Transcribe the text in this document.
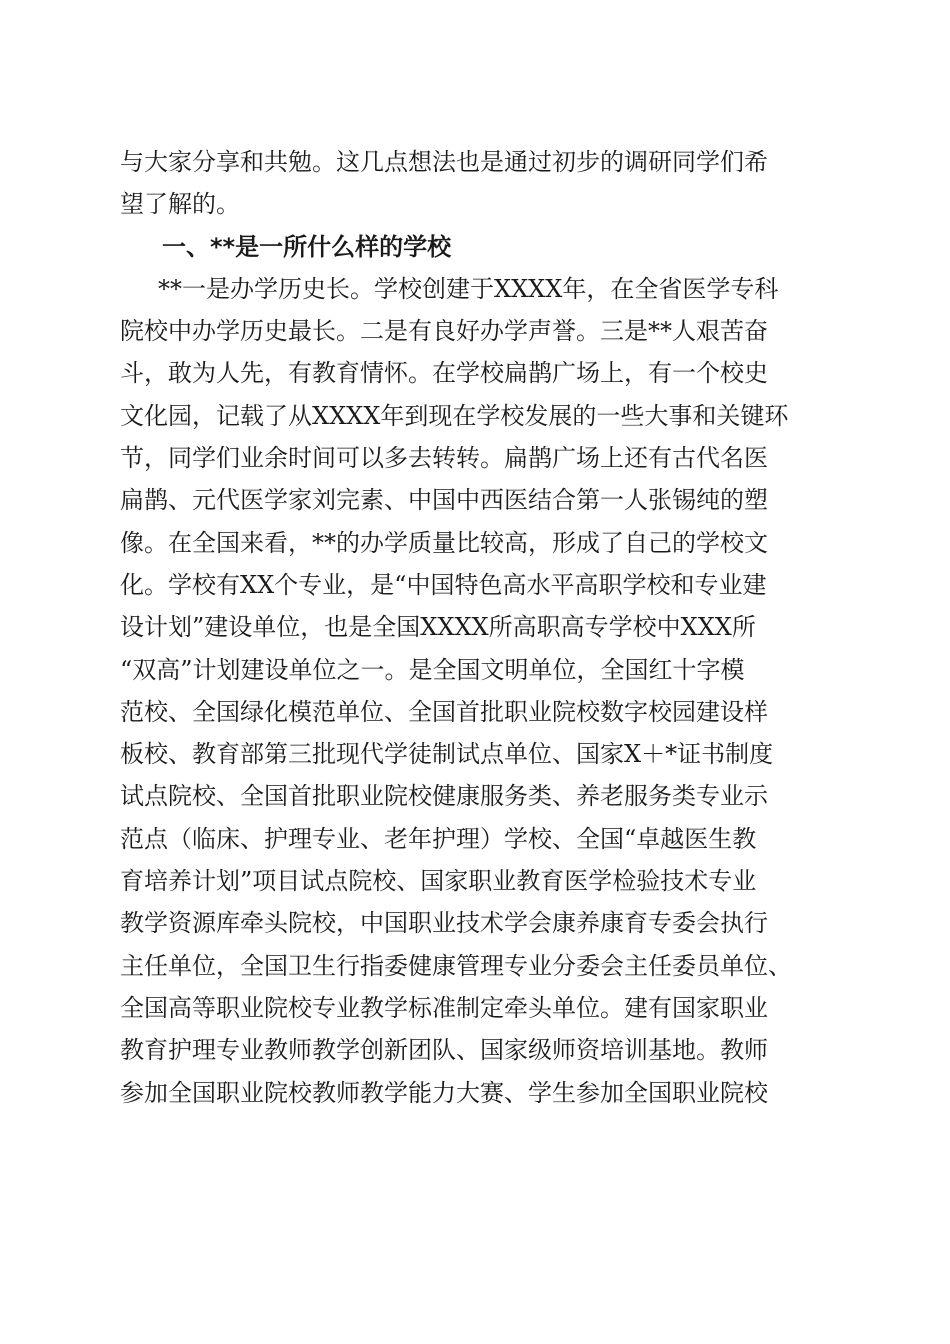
与大家分享和共勉。这几点想法也是通过初步的调研同学们希
望了解的。
一、**是一所什么样的学校
**一是办学历史长。学校创建于XXXX年，在全省医学专科
院校中办学历史最长。二是有良好办学声誉。三是**人艰苦奋
斗，敢为人先，有教育情怀。在学校扁鹊广场上，有一个校史
文化园，记载了从XXXX年到现在学校发展的一些大事和关键环
节，同学们业余时间可以多去转转。扁鹊广场上还有古代名医
扁鹊、元代医学家刘完素、中国中西医结合第一人张锡纯的塑
像。在全国来看，**的办学质量比较高，形成了自己的学校文
化。学校有XX个专业，是“中国特色高水平高职学校和专业建
设计划”建设单位，也是全国XXXX所高职高专学校中XXX所
“双高”计划建设单位之一。是全国文明单位，全国红十字模
范校、全国绿化模范单位、全国首批职业院校数字校园建设样
板校、教育部第三批现代学徒制试点单位、国家X＋*证书制度
试点院校、全国首批职业院校健康服务类、养老服务类专业示
范点（临床、护理专业、老年护理）学校、全国“卓越医生教
育培养计划”项目试点院校、国家职业教育医学检验技术专业
教学资源库牵头院校，中国职业技术学会康养康育专委会执行
主任单位，全国卫生行指委健康管理专业分委会主任委员单位、
全国高等职业院校专业教学标准制定牵头单位。建有国家职业
教育护理专业教师教学创新团队、国家级师资培训基地。教师
参加全国职业院校教师教学能力大赛、学生参加全国职业院校
